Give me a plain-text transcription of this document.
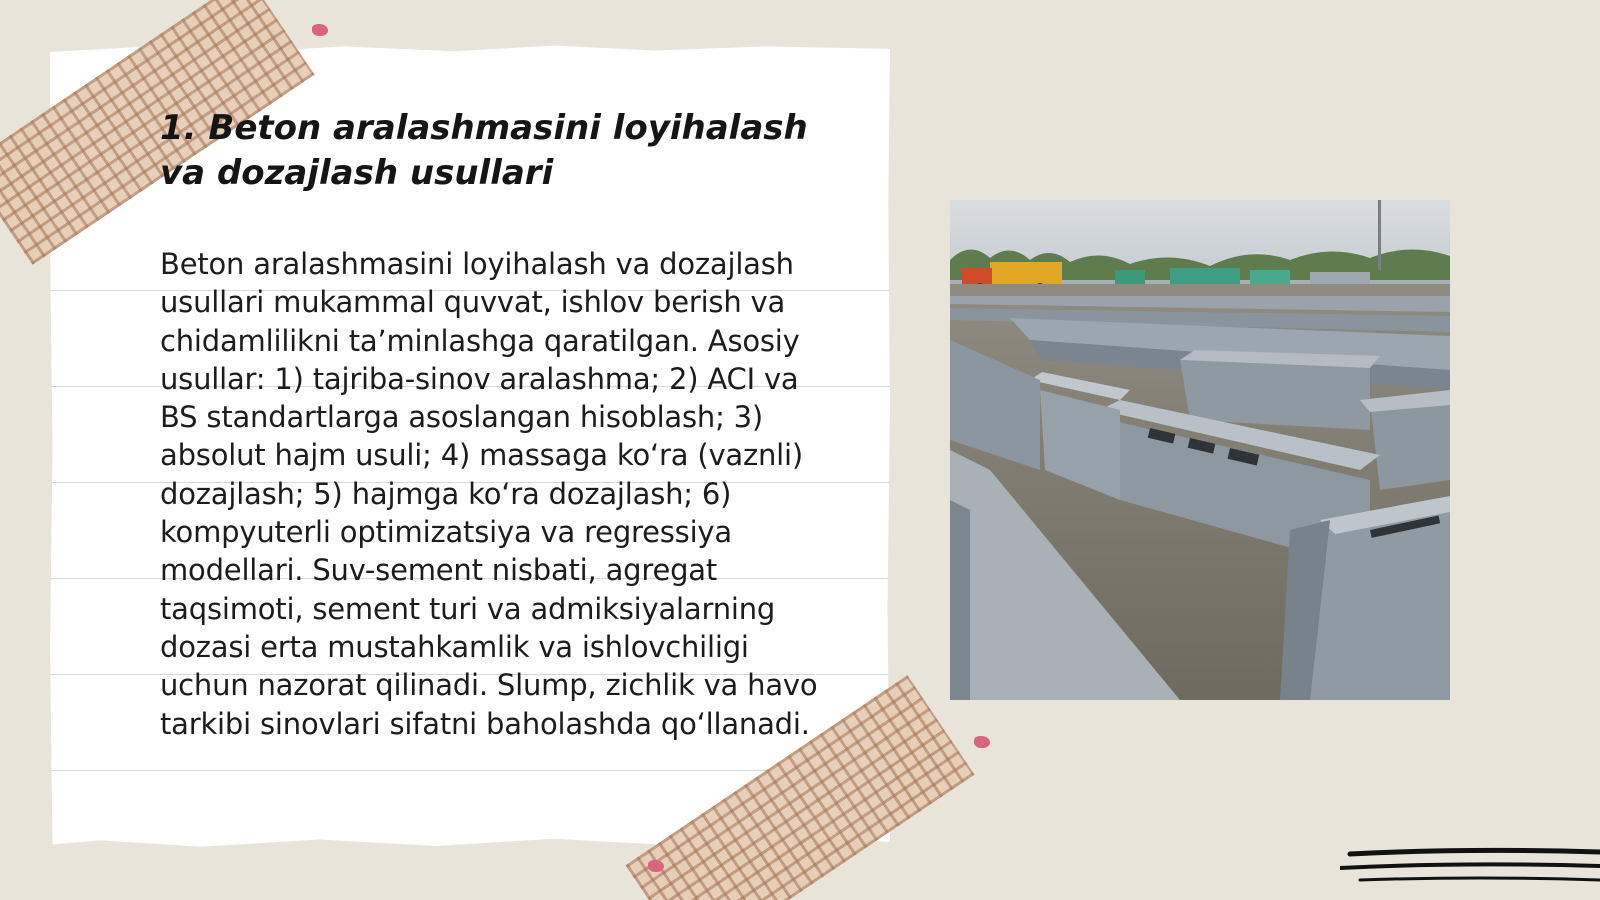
1. Beton aralashmasini loyihalash va dozajlash usullari

Beton aralashmasini loyihalash va dozajlash usullari mukammal quvvat, ishlov berish va chidamlilikni ta’minlashga qaratilgan. Asosiy usullar: 1) tajriba-sinov aralashma; 2) ACI va BS standartlarga asoslangan hisoblash; 3) absolut hajm usuli; 4) massaga ko‘ra (vaznli) dozajlash; 5) hajmga ko‘ra dozajlash; 6) kompyuterli optimizatsiya va regressiya modellari. Suv-sement nisbati, agregat taqsimoti, sement turi va admiksiyalarning dozasi erta mustahkamlik va ishlovchiligi uchun nazorat qilinadi. Slump, zichlik va havo tarkibi sinovlari sifatni baholashda qo‘llanadi.
